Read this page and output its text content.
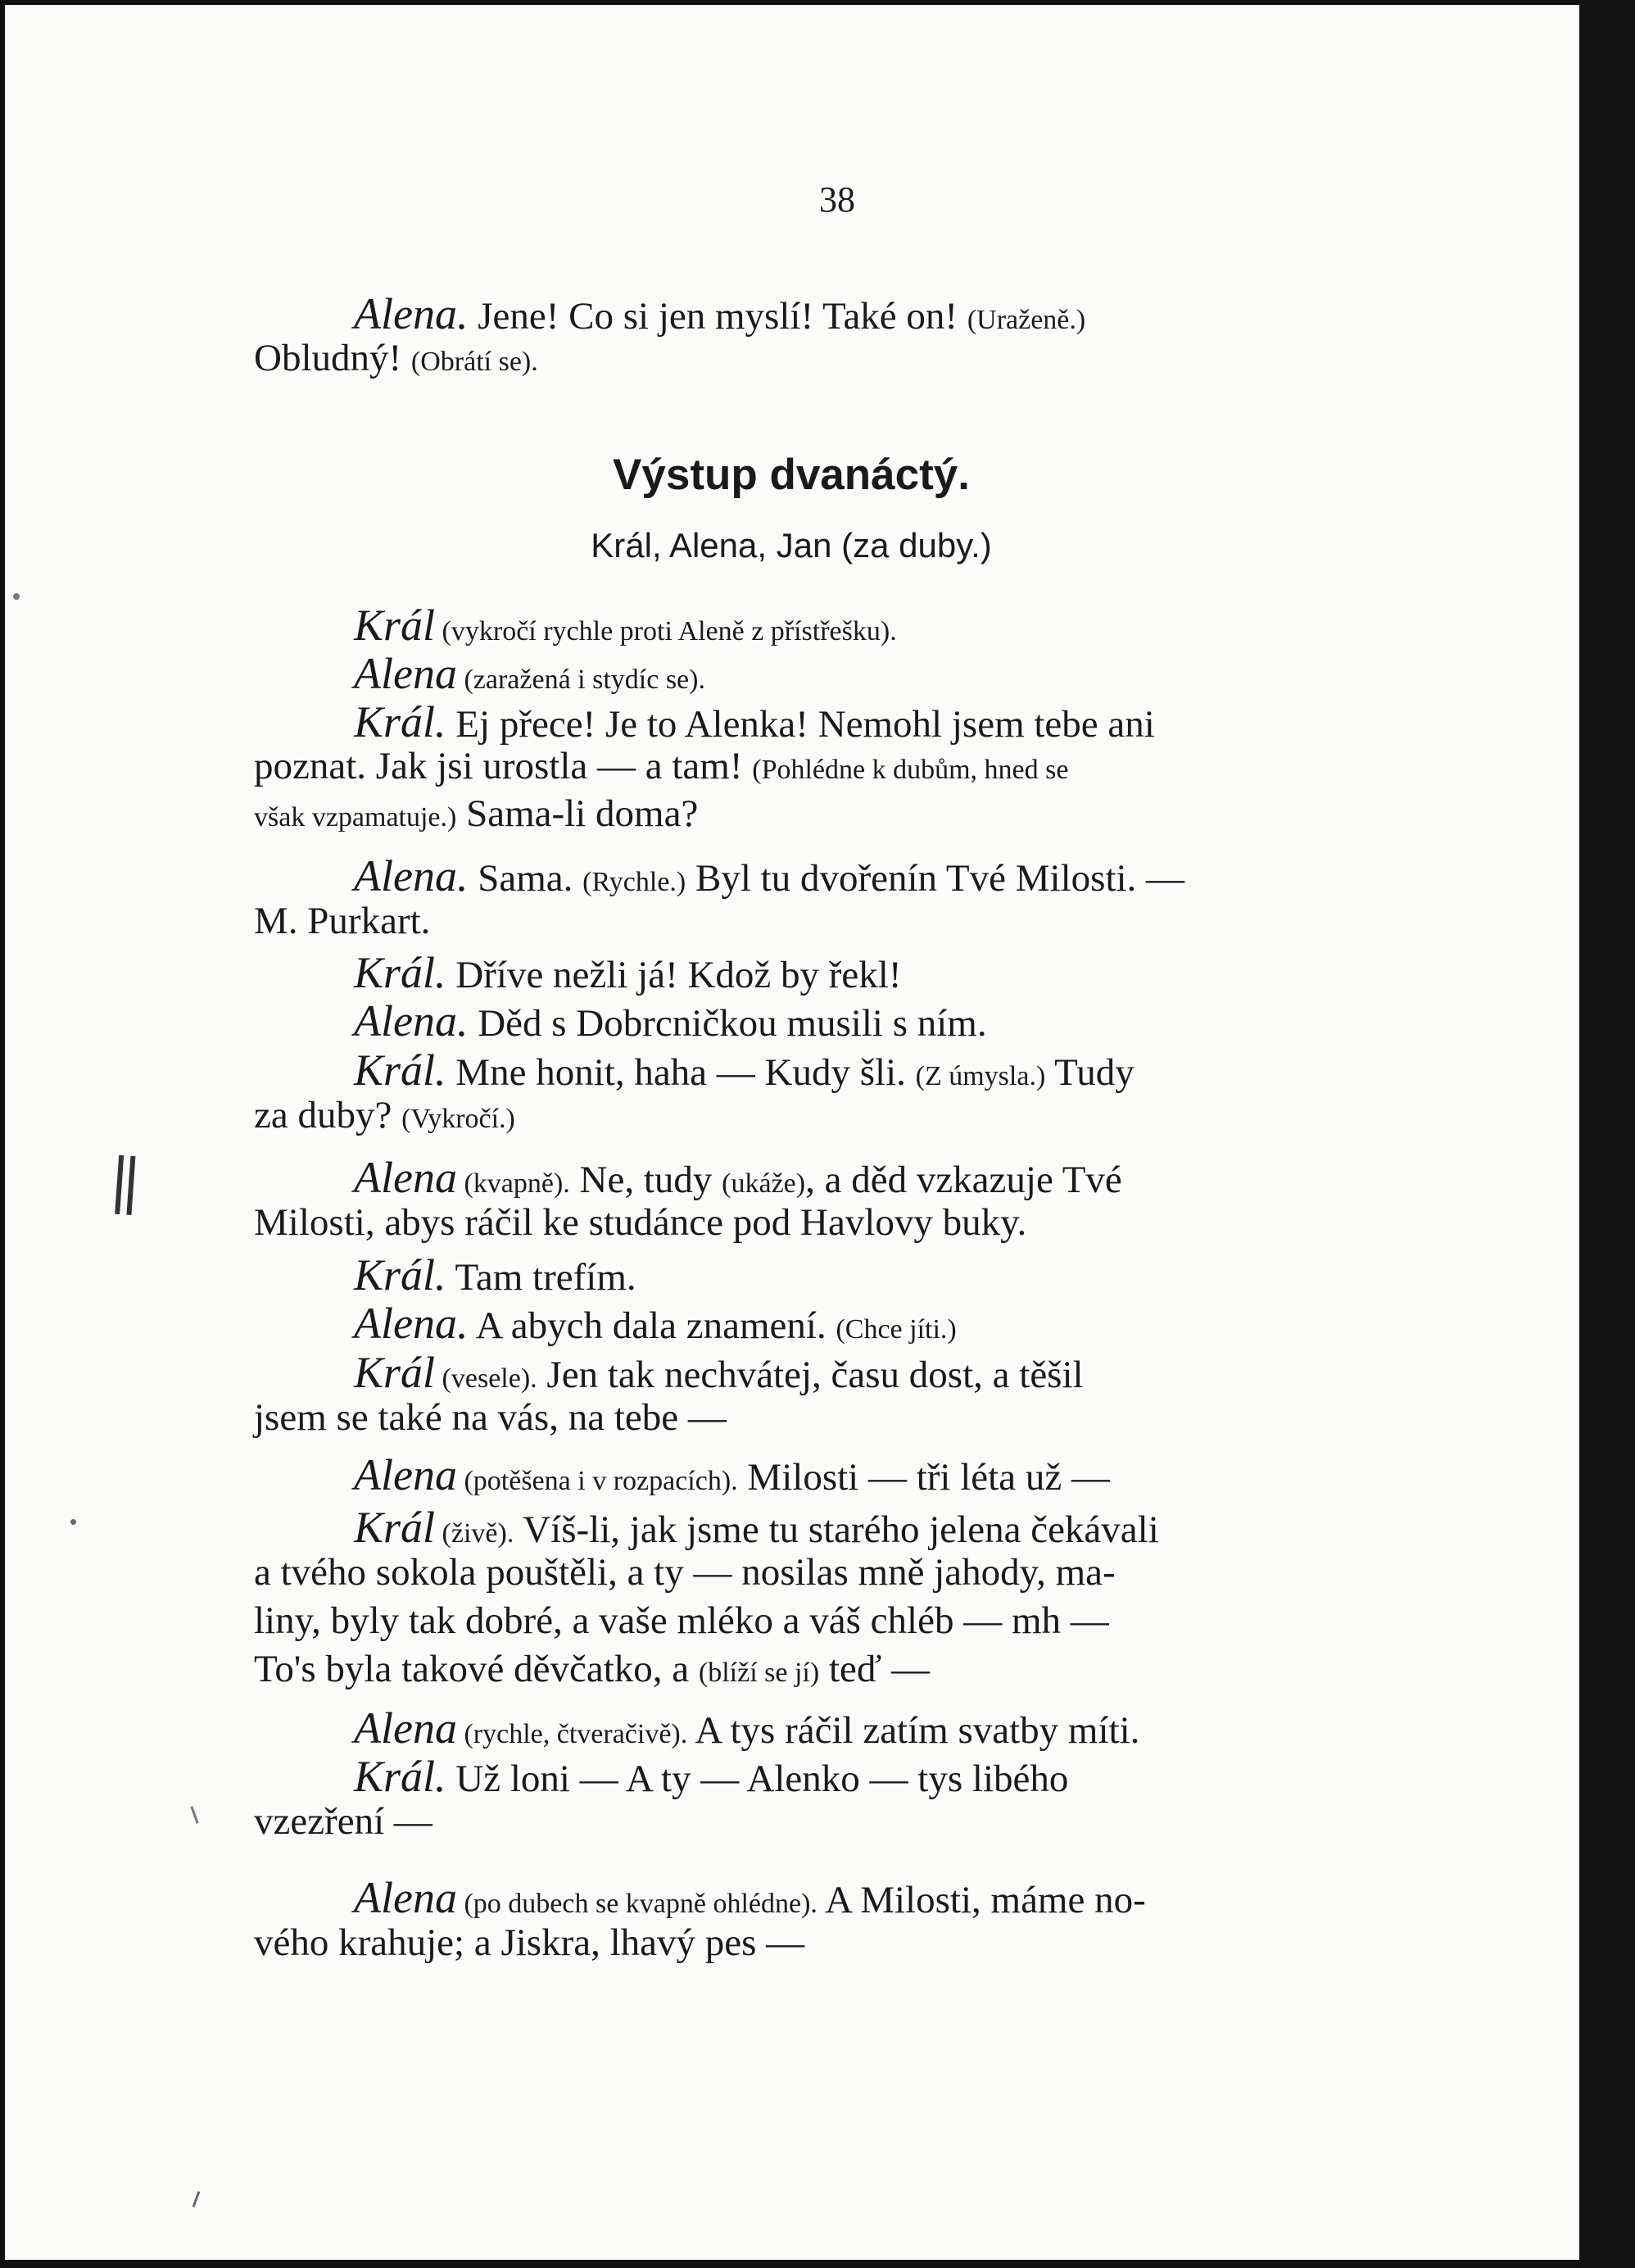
38
Alena. Jene! Co si jen myslí! Také on! (Uraženě.)
Obludný! (Obrátí se).
Výstup dvanáctý.
Král, Alena, Jan (za duby.)
Král (vykročí rychle proti Aleně z přístřešku).
Alena (zaražená i stydíc se).
Král. Ej přece! Je to Alenka! Nemohl jsem tebe ani
poznat. Jak jsi urostla — a tam! (Pohlédne k dubům, hned se
však vzpamatuje.) Sama-li doma?
Alena. Sama. (Rychle.) Byl tu dvořenín Tvé Milosti. —
M. Purkart.
Král. Dříve nežli já! Kdož by řekl!
Alena. Děd s Dobrcničkou musili s ním.
Král. Mne honit, haha — Kudy šli. (Z úmysla.) Tudy
za duby? (Vykročí.)
Alena (kvapně). Ne, tudy (ukáže), a děd vzkazuje Tvé
Milosti, abys ráčil ke studánce pod Havlovy buky.
Král. Tam trefím.
Alena. A abych dala znamení. (Chce jíti.)
Král (vesele). Jen tak nechvátej, času dost, a těšil
jsem se také na vás, na tebe —
Alena (potěšena i v rozpacích). Milosti — tři léta už —
Král (živě). Víš-li, jak jsme tu starého jelena čekávali
a tvého sokola pouštěli, a ty — nosilas mně jahody, ma-
liny, byly tak dobré, a vaše mléko a váš chléb — mh —
To's byla takové děvčatko, a (blíží se jí) teď —
Alena (rychle, čtveračivě). A tys ráčil zatím svatby míti.
Král. Už loni — A ty — Alenko — tys libého
vzezření —
Alena (po dubech se kvapně ohlédne). A Milosti, máme no-
vého krahuje; a Jiskra, lhavý pes —
||
